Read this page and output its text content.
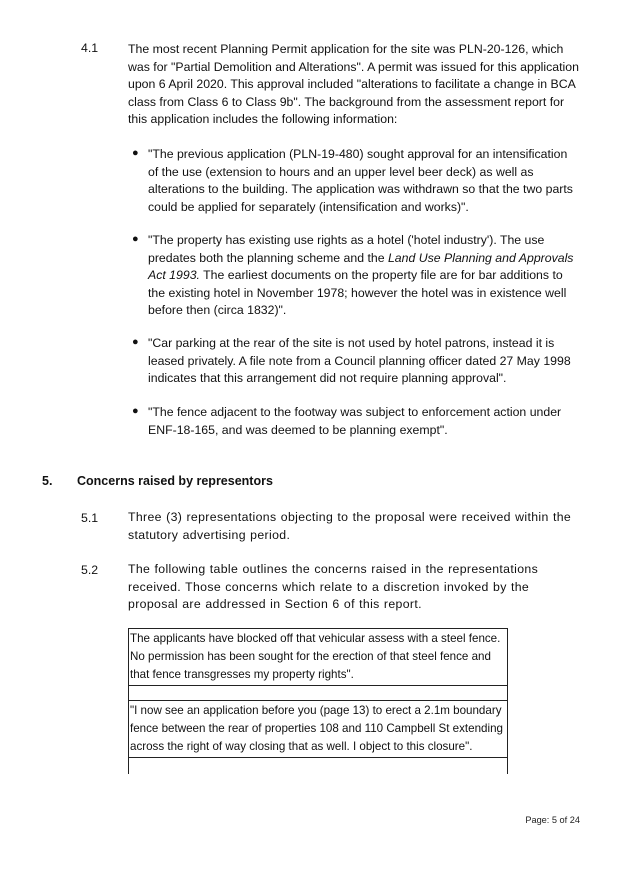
4.1 The most recent Planning Permit application for the site was PLN-20-126, which was for "Partial Demolition and Alterations". A permit was issued for this application upon 6 April 2020. This approval included "alterations to facilitate a change in BCA class from Class 6 to Class 9b". The background from the assessment report for this application includes the following information:
● "The previous application (PLN-19-480) sought approval for an intensification of the use (extension to hours and an upper level beer deck) as well as alterations to the building. The application was withdrawn so that the two parts could be applied for separately (intensification and works)".
● "The property has existing use rights as a hotel ('hotel industry'). The use predates both the planning scheme and the Land Use Planning and Approvals Act 1993. The earliest documents on the property file are for bar additions to the existing hotel in November 1978; however the hotel was in existence well before then (circa 1832)".
● "Car parking at the rear of the site is not used by hotel patrons, instead it is leased privately. A file note from a Council planning officer dated 27 May 1998 indicates that this arrangement did not require planning approval".
● "The fence adjacent to the footway was subject to enforcement action under ENF-18-165, and was deemed to be planning exempt".
5. Concerns raised by representors
5.1 Three (3) representations objecting to the proposal were received within the statutory advertising period.
5.2 The following table outlines the concerns raised in the representations received. Those concerns which relate to a discretion invoked by the proposal are addressed in Section 6 of this report.
The applicants have blocked off that vehicular assess with a steel fence. No permission has been sought for the erection of that steel fence and that fence transgresses my property rights".

"I now see an application before you (page 13) to erect a 2.1m boundary fence between the rear of properties 108 and 110 Campbell St extending across the right of way closing that as well. I object to this closure".

Page: 5 of 24
